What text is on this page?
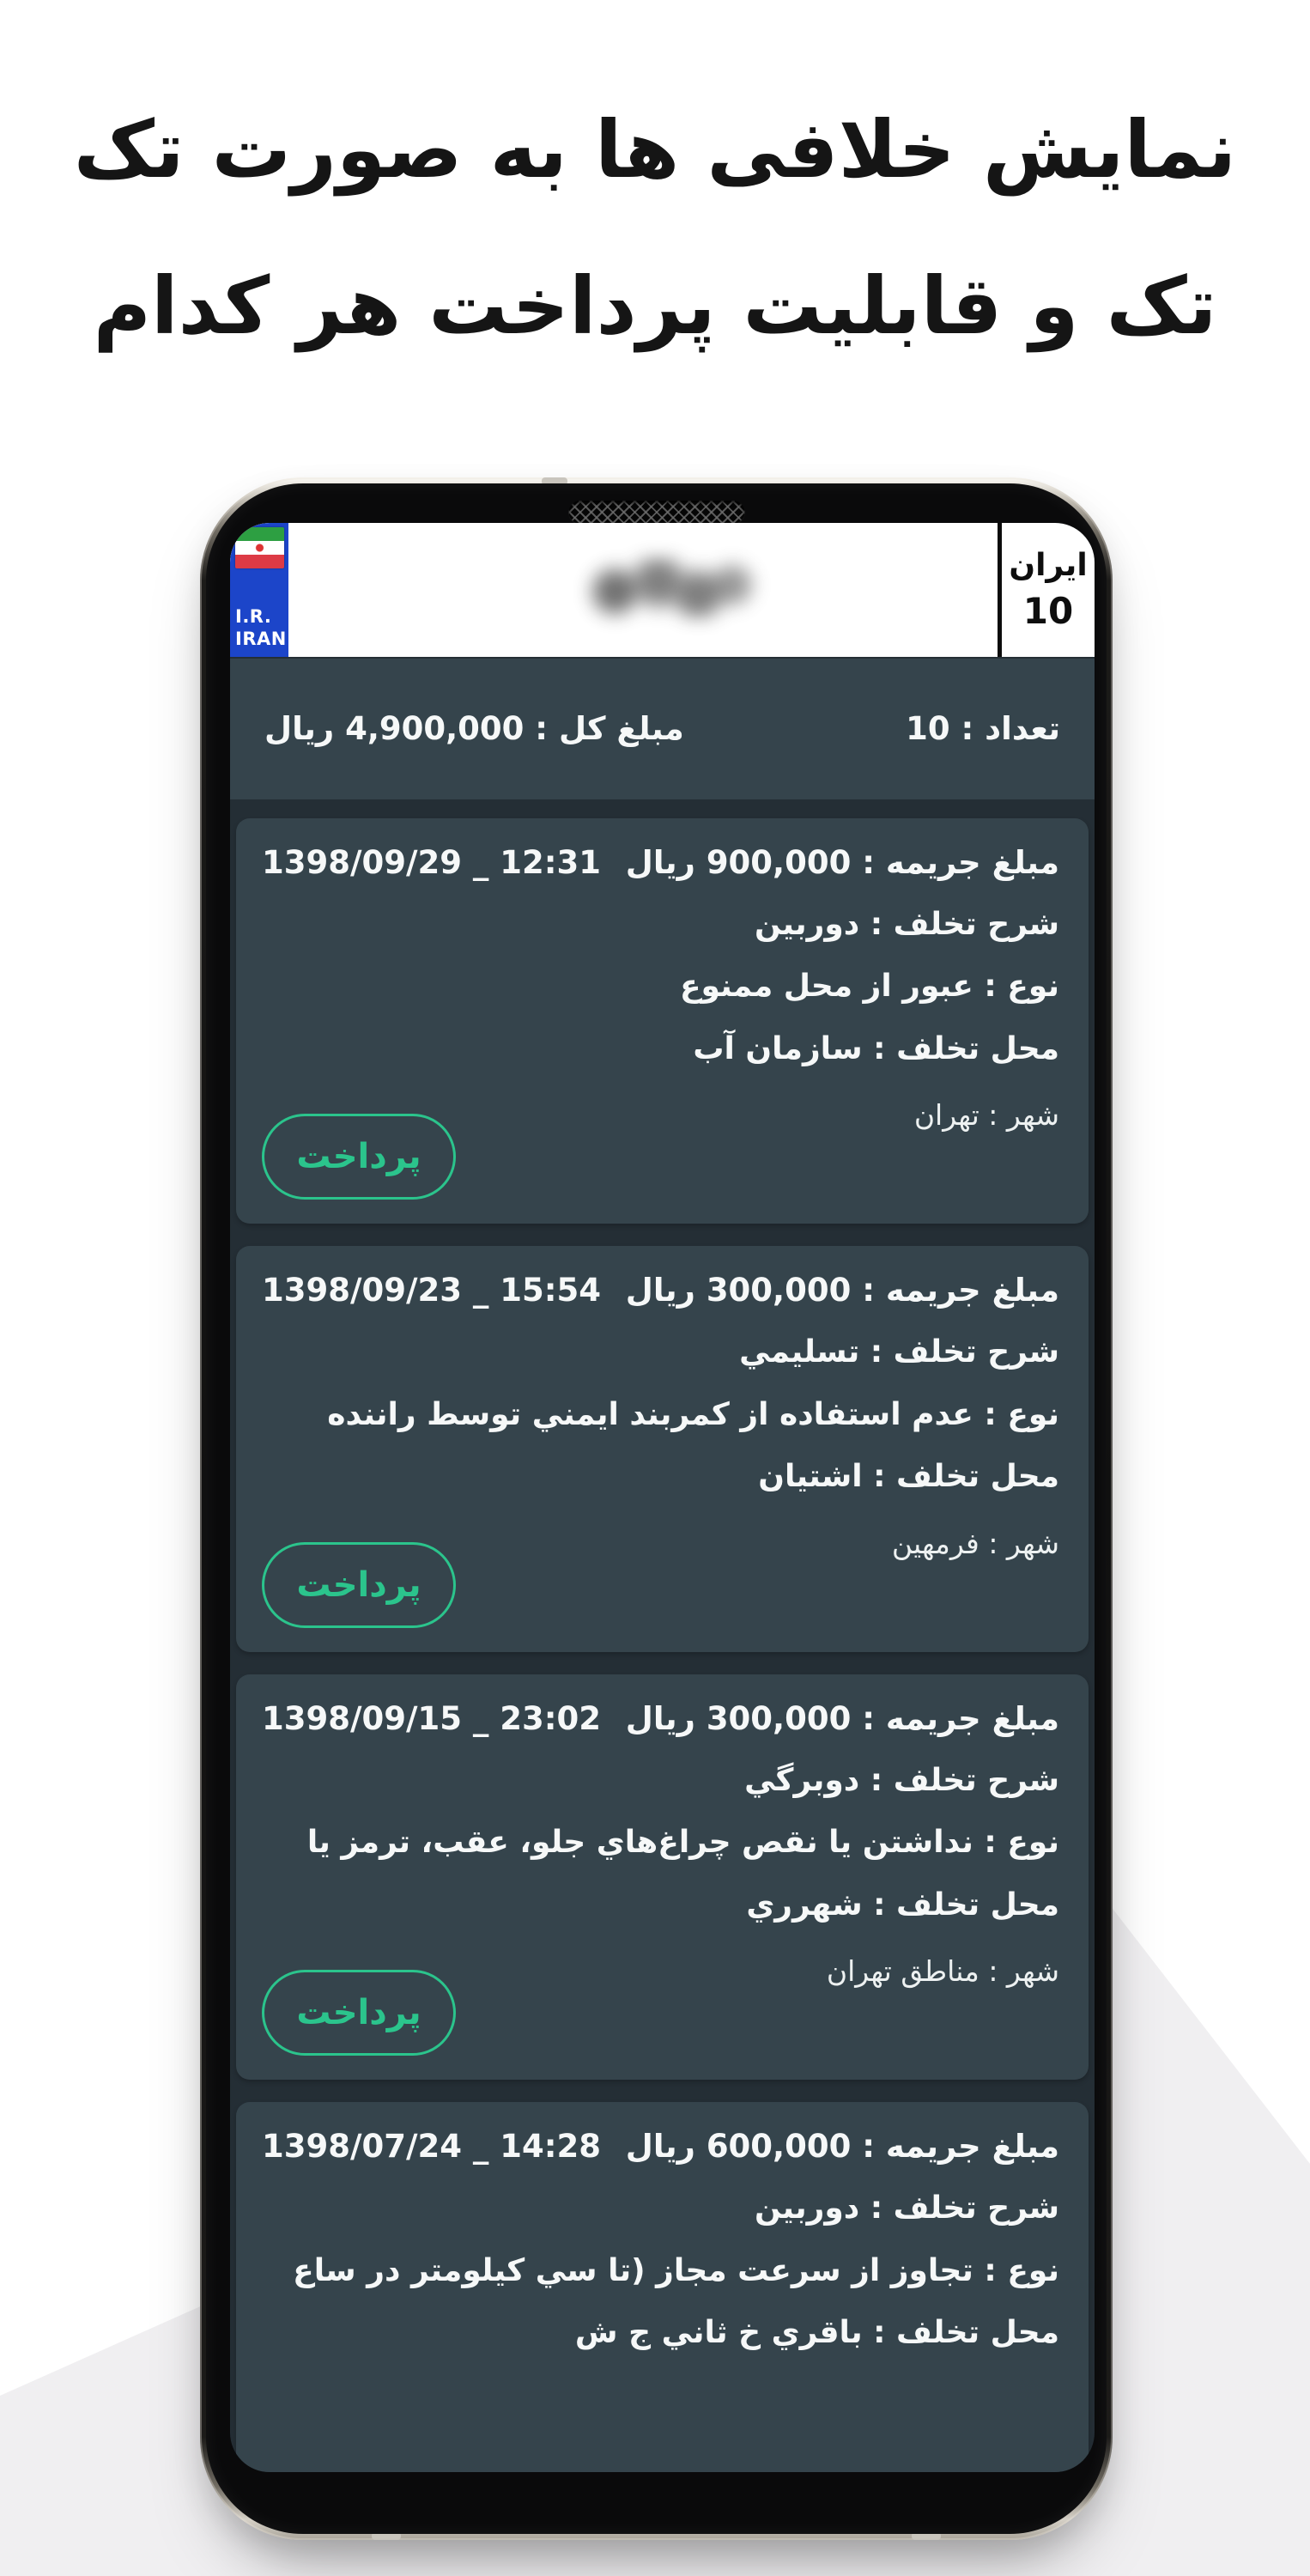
نمایش خلافی ها به صورت تک
تک و قابلیت پرداخت هر کدام
I.R.
IRAN
ایران
10
تعداد : 10
مبلغ کل : 4,900,000 ریال
مبلغ جریمه : 900,000 ریال
1398/09/29 _ 12:31
شرح تخلف : دوربین
نوع : عبور از محل ممنوع
محل تخلف : سازمان آب
شهر : تهران
پرداخت
مبلغ جریمه : 300,000 ریال
1398/09/23 _ 15:54
شرح تخلف : تسليمي
نوع : عدم استفاده از كمربند ايمني توسط راننده
محل تخلف : اشتيان
شهر : فرمهین
پرداخت
مبلغ جریمه : 300,000 ریال
1398/09/15 _ 23:02
شرح تخلف : دوبرگي
نوع : نداشتن يا نقص چراغ‌هاي جلو، عقب، ترمز يا
محل تخلف : شهرري
شهر : مناطق تهران
پرداخت
مبلغ جریمه : 600,000 ریال
1398/07/24 _ 14:28
شرح تخلف : دوربین
نوع : تجاوز از سرعت مجاز (تا سي كيلومتر در ساع
محل تخلف : باقري خ ثاني ج ش
